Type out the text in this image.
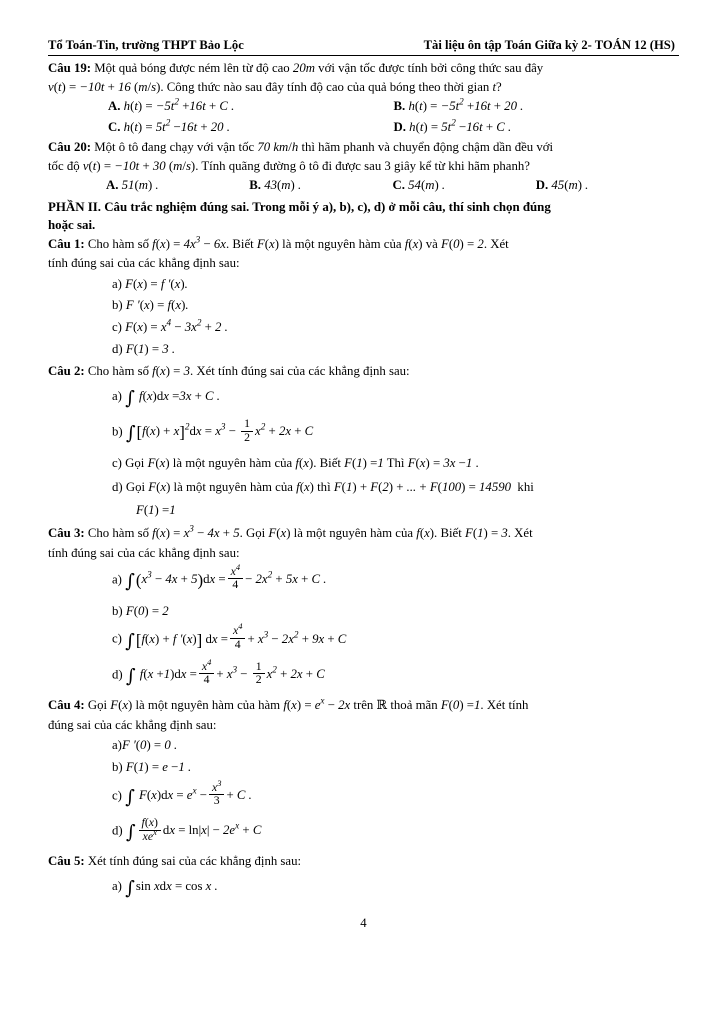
Tổ Toán-Tin, trường THPT Bảo Lộc	Tài liệu ôn tập Toán Giữa kỳ 2- TOÁN 12 (HS)
Câu 19: Một quả bóng được ném lên từ độ cao 20m với vận tốc được tính bởi công thức sau đây
v(t) = −10t + 16 (m/s). Công thức nào sau đây tính độ cao của quả bóng theo thời gian t?
A. $h(t) = -5t^2 +16t + C$ .	B. $h(t) = -5t^2 +16t + 20$ .
C. $h(t) = 5t^2 -16t + 20$ .	D. $h(t) = 5t^2 -16t + C$ .
Câu 20: Một ô tô đang chạy với vận tốc 70 km/h thì hãm phanh và chuyển động chậm dần đều với
tốc độ v(t) = −10t + 30 (m/s). Tính quãng đường ô tô đi được sau 3 giây kể từ khi hãm phanh?
A. 51(m) .	B. 43(m) .	C. 54(m) .	D. 45(m) .
PHẦN II. Câu trắc nghiệm đúng sai. Trong mỗi ý a), b), c), d) ở mỗi câu, thí sinh chọn đúng
hoặc sai.
Câu 1: Cho hàm số $f(x) = 4x^3 - 6x$. Biết F(x) là một nguyên hàm của f(x) và F(0) = 2. Xét
tính đúng sai của các khẳng định sau:
a) F(x) = f ′(x).
b) F ′(x) = f(x).
c) $F(x) = x^4 - 3x^2 + 2$ .
d) F(1) = 3 .
Câu 2: Cho hàm số f(x) = 3. Xét tính đúng sai của các khẳng định sau:
a) ∫ f(x)dx =3x + C .
b) $\int[f(x) + x]^2dx = x^3 - \frac{1}{2} x^2 + 2x + C$
c) Gọi F(x) là một nguyên hàm của f(x). Biết F(1) =1 Thì F(x) = 3x −1 .
d) Gọi F(x) là một nguyên hàm của f(x) thì F(1) + F(2) + ... + F(100) = 14590  khi
F(1) =1
Câu 3: Cho hàm số $f(x) = x^3 - 4x + 5$. Gọi F(x) là một nguyên hàm của f(x). Biết F(1) = 3. Xét
tính đúng sai của các khẳng định sau:
a) $\int(x^3 - 4x + 5)dx = \frac{x^4}{4} - 2x^2 + 5x + C$ .
b) F(0) = 2
c) ∫[f(x) + f ′(x)] dx = $\frac{x^4}{4} + x^3 - 2x^2 + 9x + C$
d) ∫ $f(x +1)dx = \frac{x^4}{4} + x^3 - \frac{1}{2} x^2 + 2x + C$
Câu 4: Gọi F(x) là một nguyên hàm của hàm $f(x) = e^x - 2x$ trên ℝ thoả mãn F(0) =1. Xét tính
đúng sai của các khẳng định sau:
a)F ′(0) = 0 .
b) F(1) = e −1 .
c) ∫ $F(x)dx = e^x - \frac{x^3}{3} + C$ .
d) ∫ $\frac{f(x)}{xe^x}$ dx = $\ln|x| - 2e^x + C$
Câu 5: Xét tính đúng sai của các khẳng định sau:
a) ∫sin xdx = cos x .
4
